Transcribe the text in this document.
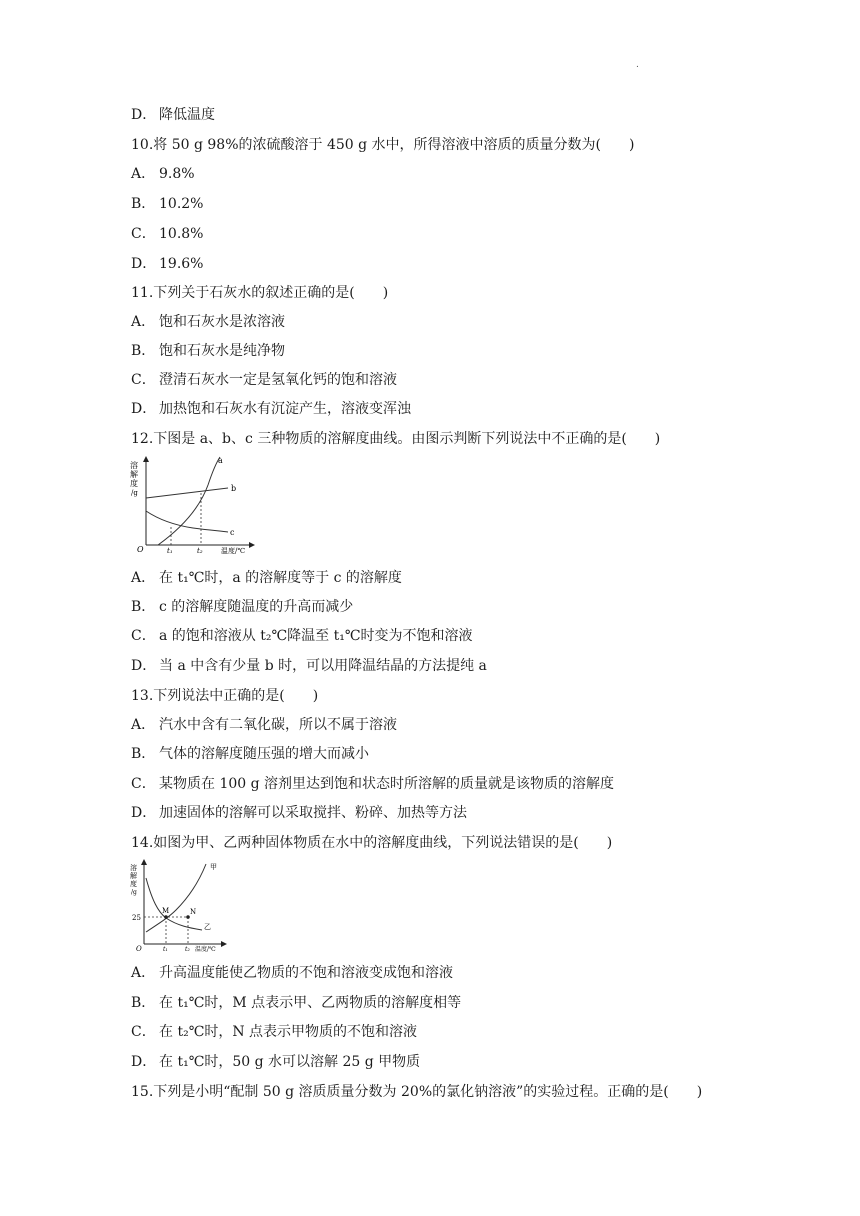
.
D． 降低温度
10.将 50 g 98%的浓硫酸溶于 450 g 水中，所得溶液中溶质的质量分数为(　　)
A． 9.8%
B． 10.2%
C． 10.8%
D． 19.6%
11.下列关于石灰水的叙述正确的是(　　)
A． 饱和石灰水是浓溶液
B． 饱和石灰水是纯净物
C． 澄清石灰水一定是氢氧化钙的饱和溶液
D． 加热饱和石灰水有沉淀产生，溶液变浑浊
12.下图是 a、b、c 三种物质的溶解度曲线。由图示判断下列说法中不正确的是(　　)
溶
解
度
/g
a
b
c
O	t₁	t₂	温度/℃
A． 在 t₁℃时，a 的溶解度等于 c 的溶解度
B． c 的溶解度随温度的升高而减少
C． a 的饱和溶液从 t₂℃降温至 t₁℃时变为不饱和溶液
D． 当 a 中含有少量 b 时，可以用降温结晶的方法提纯 a
13.下列说法中正确的是(　　)
A． 汽水中含有二氧化碳，所以不属于溶液
B． 气体的溶解度随压强的增大而减小
C． 某物质在 100 g 溶剂里达到饱和状态时所溶解的质量就是该物质的溶解度
D． 加速固体的溶解可以采取搅拌、粉碎、加热等方法
14.如图为甲、乙两种固体物质在水中的溶解度曲线，下列说法错误的是(　　)
溶
解
度
/g
M	N
甲
乙
25
O	t₁	t₂ 温度/℃
A． 升高温度能使乙物质的不饱和溶液变成饱和溶液
B． 在 t₁℃时，M 点表示甲、乙两物质的溶解度相等
C． 在 t₂℃时，N 点表示甲物质的不饱和溶液
D． 在 t₁℃时，50 g 水可以溶解 25 g 甲物质
15.下列是小明“配制 50 g 溶质质量分数为 20%的氯化钠溶液”的实验过程。正确的是(　　)
